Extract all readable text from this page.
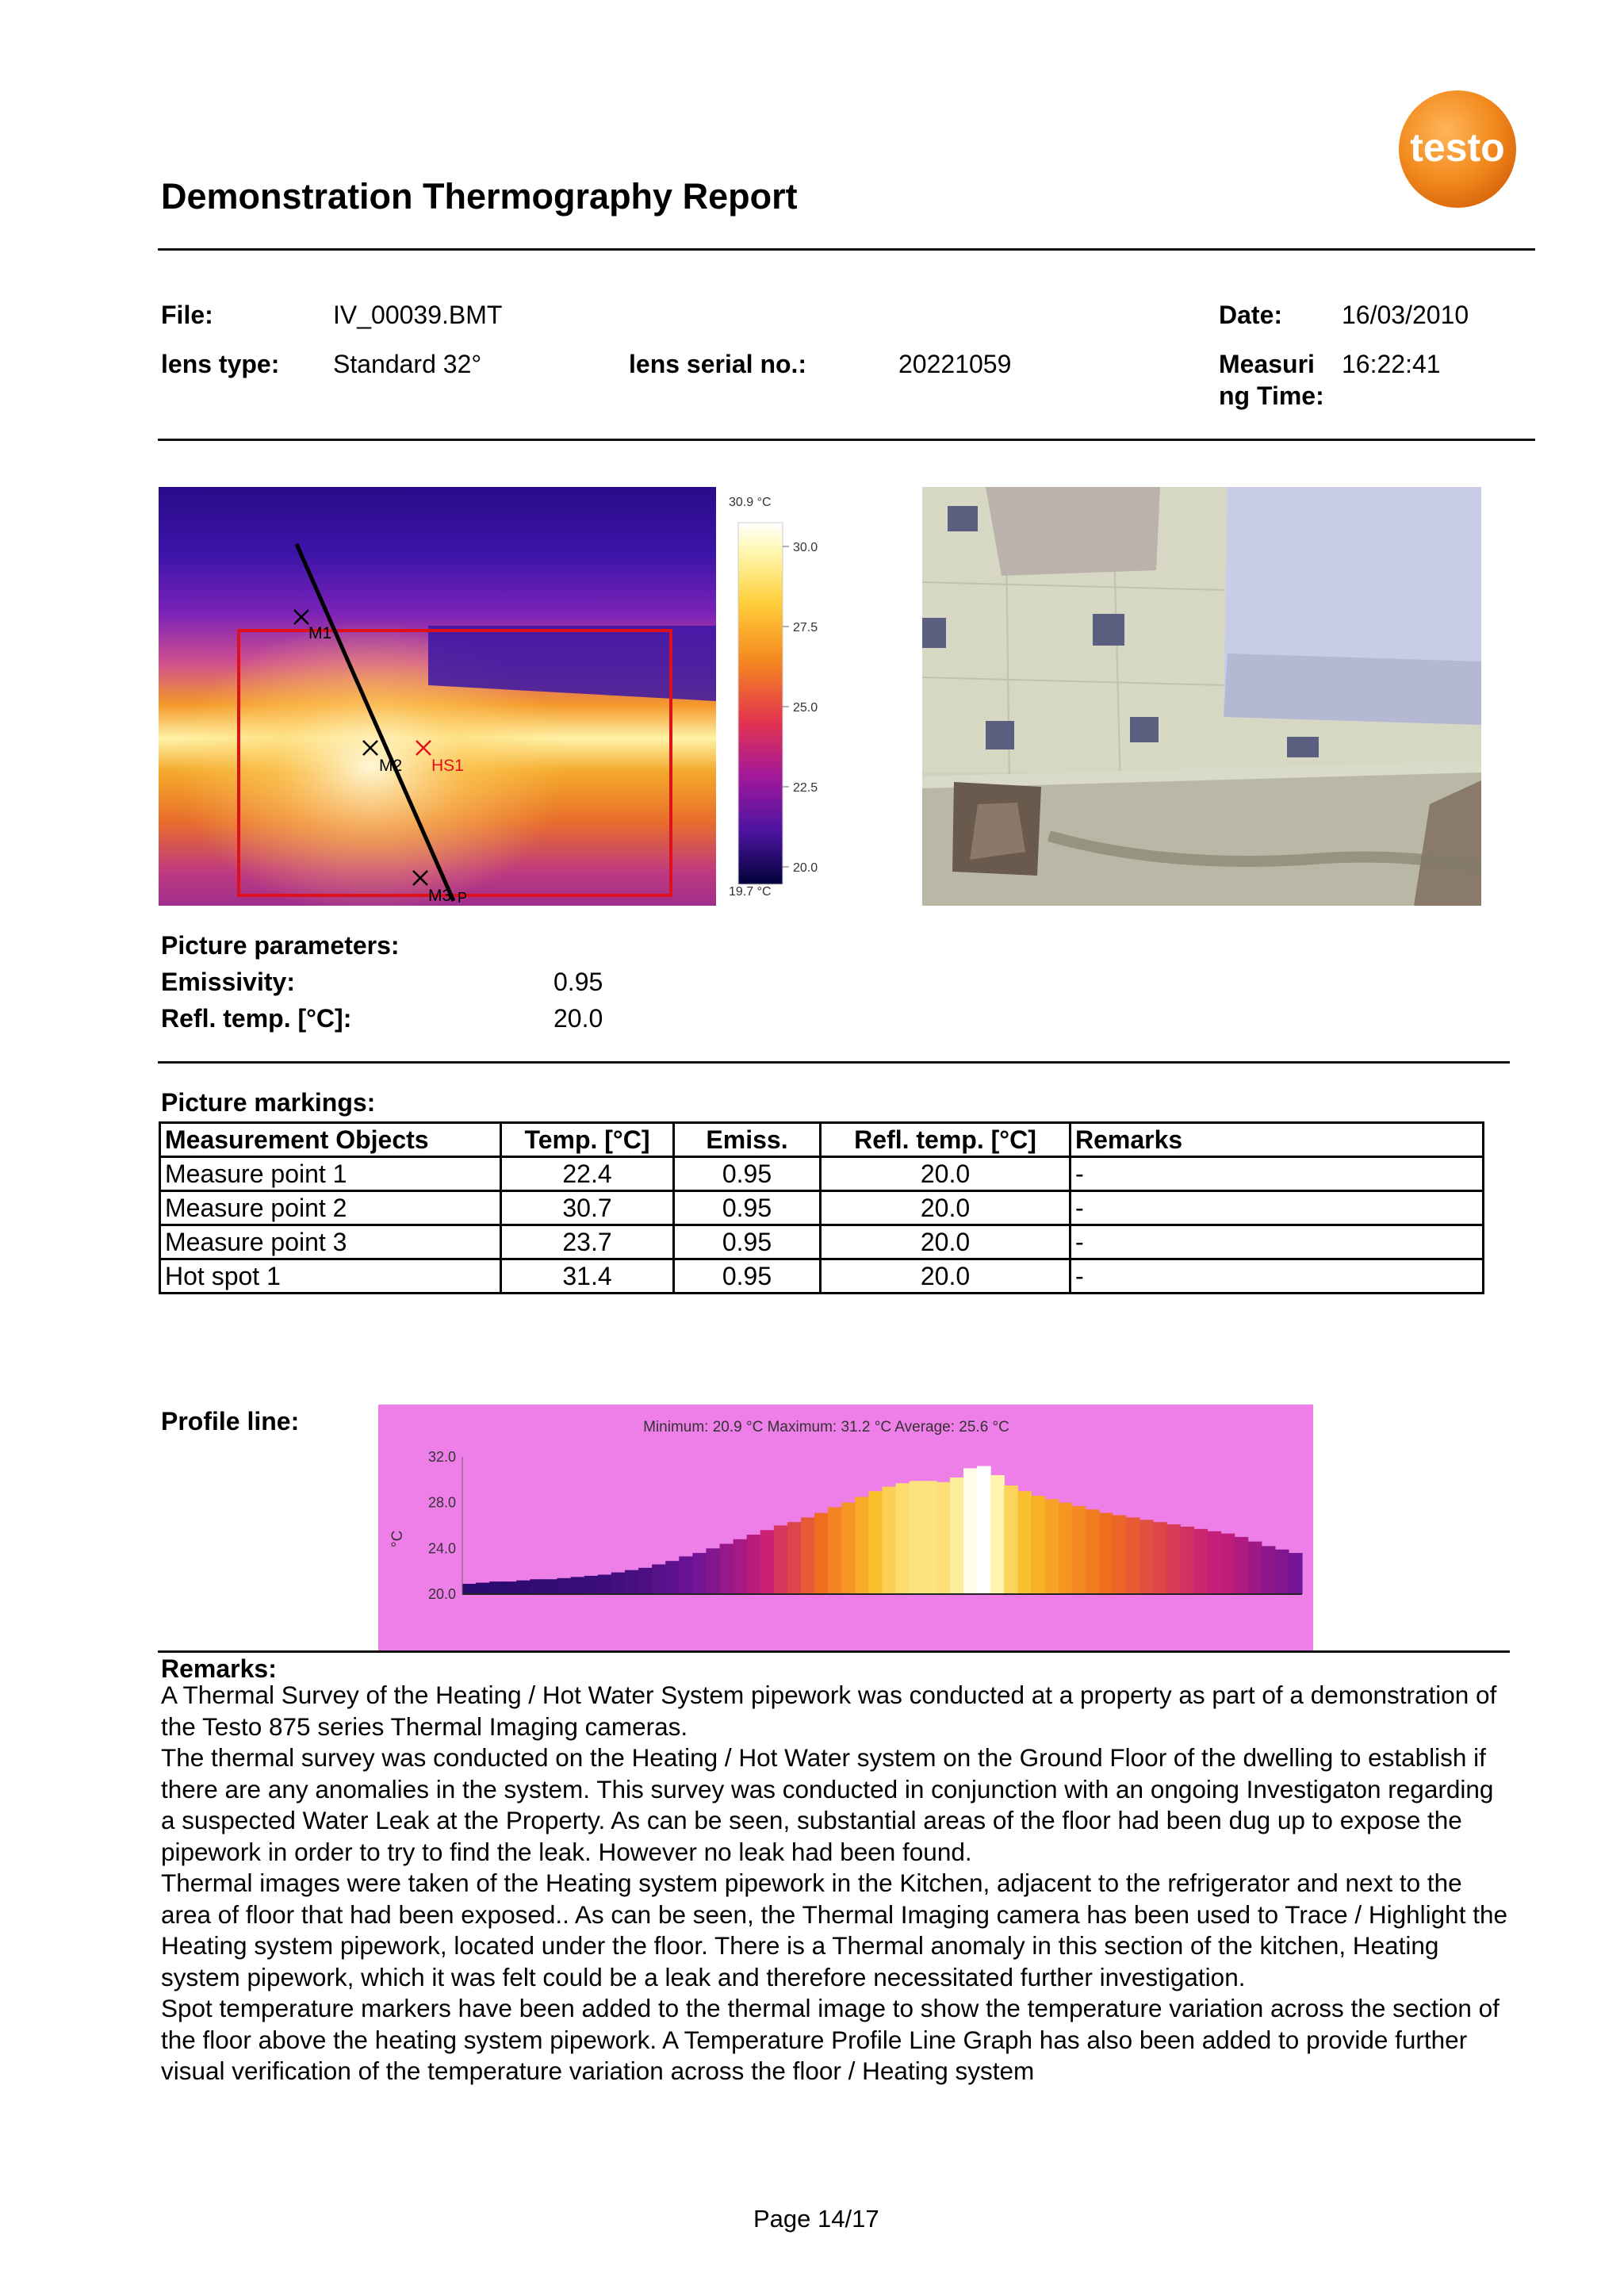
Demonstration Thermography Report
testo
File:	IV_00039.BMT	Date: 16/03/2010
lens type: Standard 32°	lens serial no.:	20221059	Measuri
ng Time:
16:22:41
M1
M2 HS1
M3 P
30.9 °C
30.0
27.5
25.0
22.5
20.0
19.7 °C
Picture parameters:
Emissivity:	0.95
Refl. temp. [°C]:	20.0
Picture markings:
Measurement Objects	Temp. [°C]	Emiss.	Refl. temp. [°C]	Remarks
Measure point 1	22.4	0.95	20.0	-
Measure point 2	30.7	0.95	20.0	-
Measure point 3	23.7	0.95	20.0	-
Hot spot 1	31.4	0.95	20.0	-
Profile line:	Minimum: 20.9 °C Maximum: 31.2 °C Average: 25.6 °C
°C
32.0
28.0
24.0
20.0
Remarks:

A Thermal Survey of the Heating / Hot Water System pipework was conducted at a property as part of a demonstration of the Testo 875 series Thermal Imaging cameras.

The thermal survey was conducted on the Heating / Hot Water system on the Ground Floor of the dwelling to establish if there are any anomalies in the system. This survey was conducted in conjunction with an ongoing Investigaton regarding a suspected Water Leak at the Property. As can be seen, substantial areas of the floor had been dug up to expose the pipework in order to try to find the leak. However no leak had been found.

Thermal images were taken of the Heating system pipework in the Kitchen, adjacent to the refrigerator and next to the area of floor that had been exposed.. As can be seen, the Thermal Imaging camera has been used to Trace / Highlight the Heating system pipework, located under the floor. There is a Thermal anomaly in this section of the kitchen, Heating system pipework, which it was felt could be a leak and therefore necessitated further investigation.

Spot temperature markers have been added to the thermal image to show the temperature variation across the section of the floor above the heating system pipework. A Temperature Profile Line Graph has also been added to provide further visual verification of the temperature variation across the floor / Heating system

Page 14/17
